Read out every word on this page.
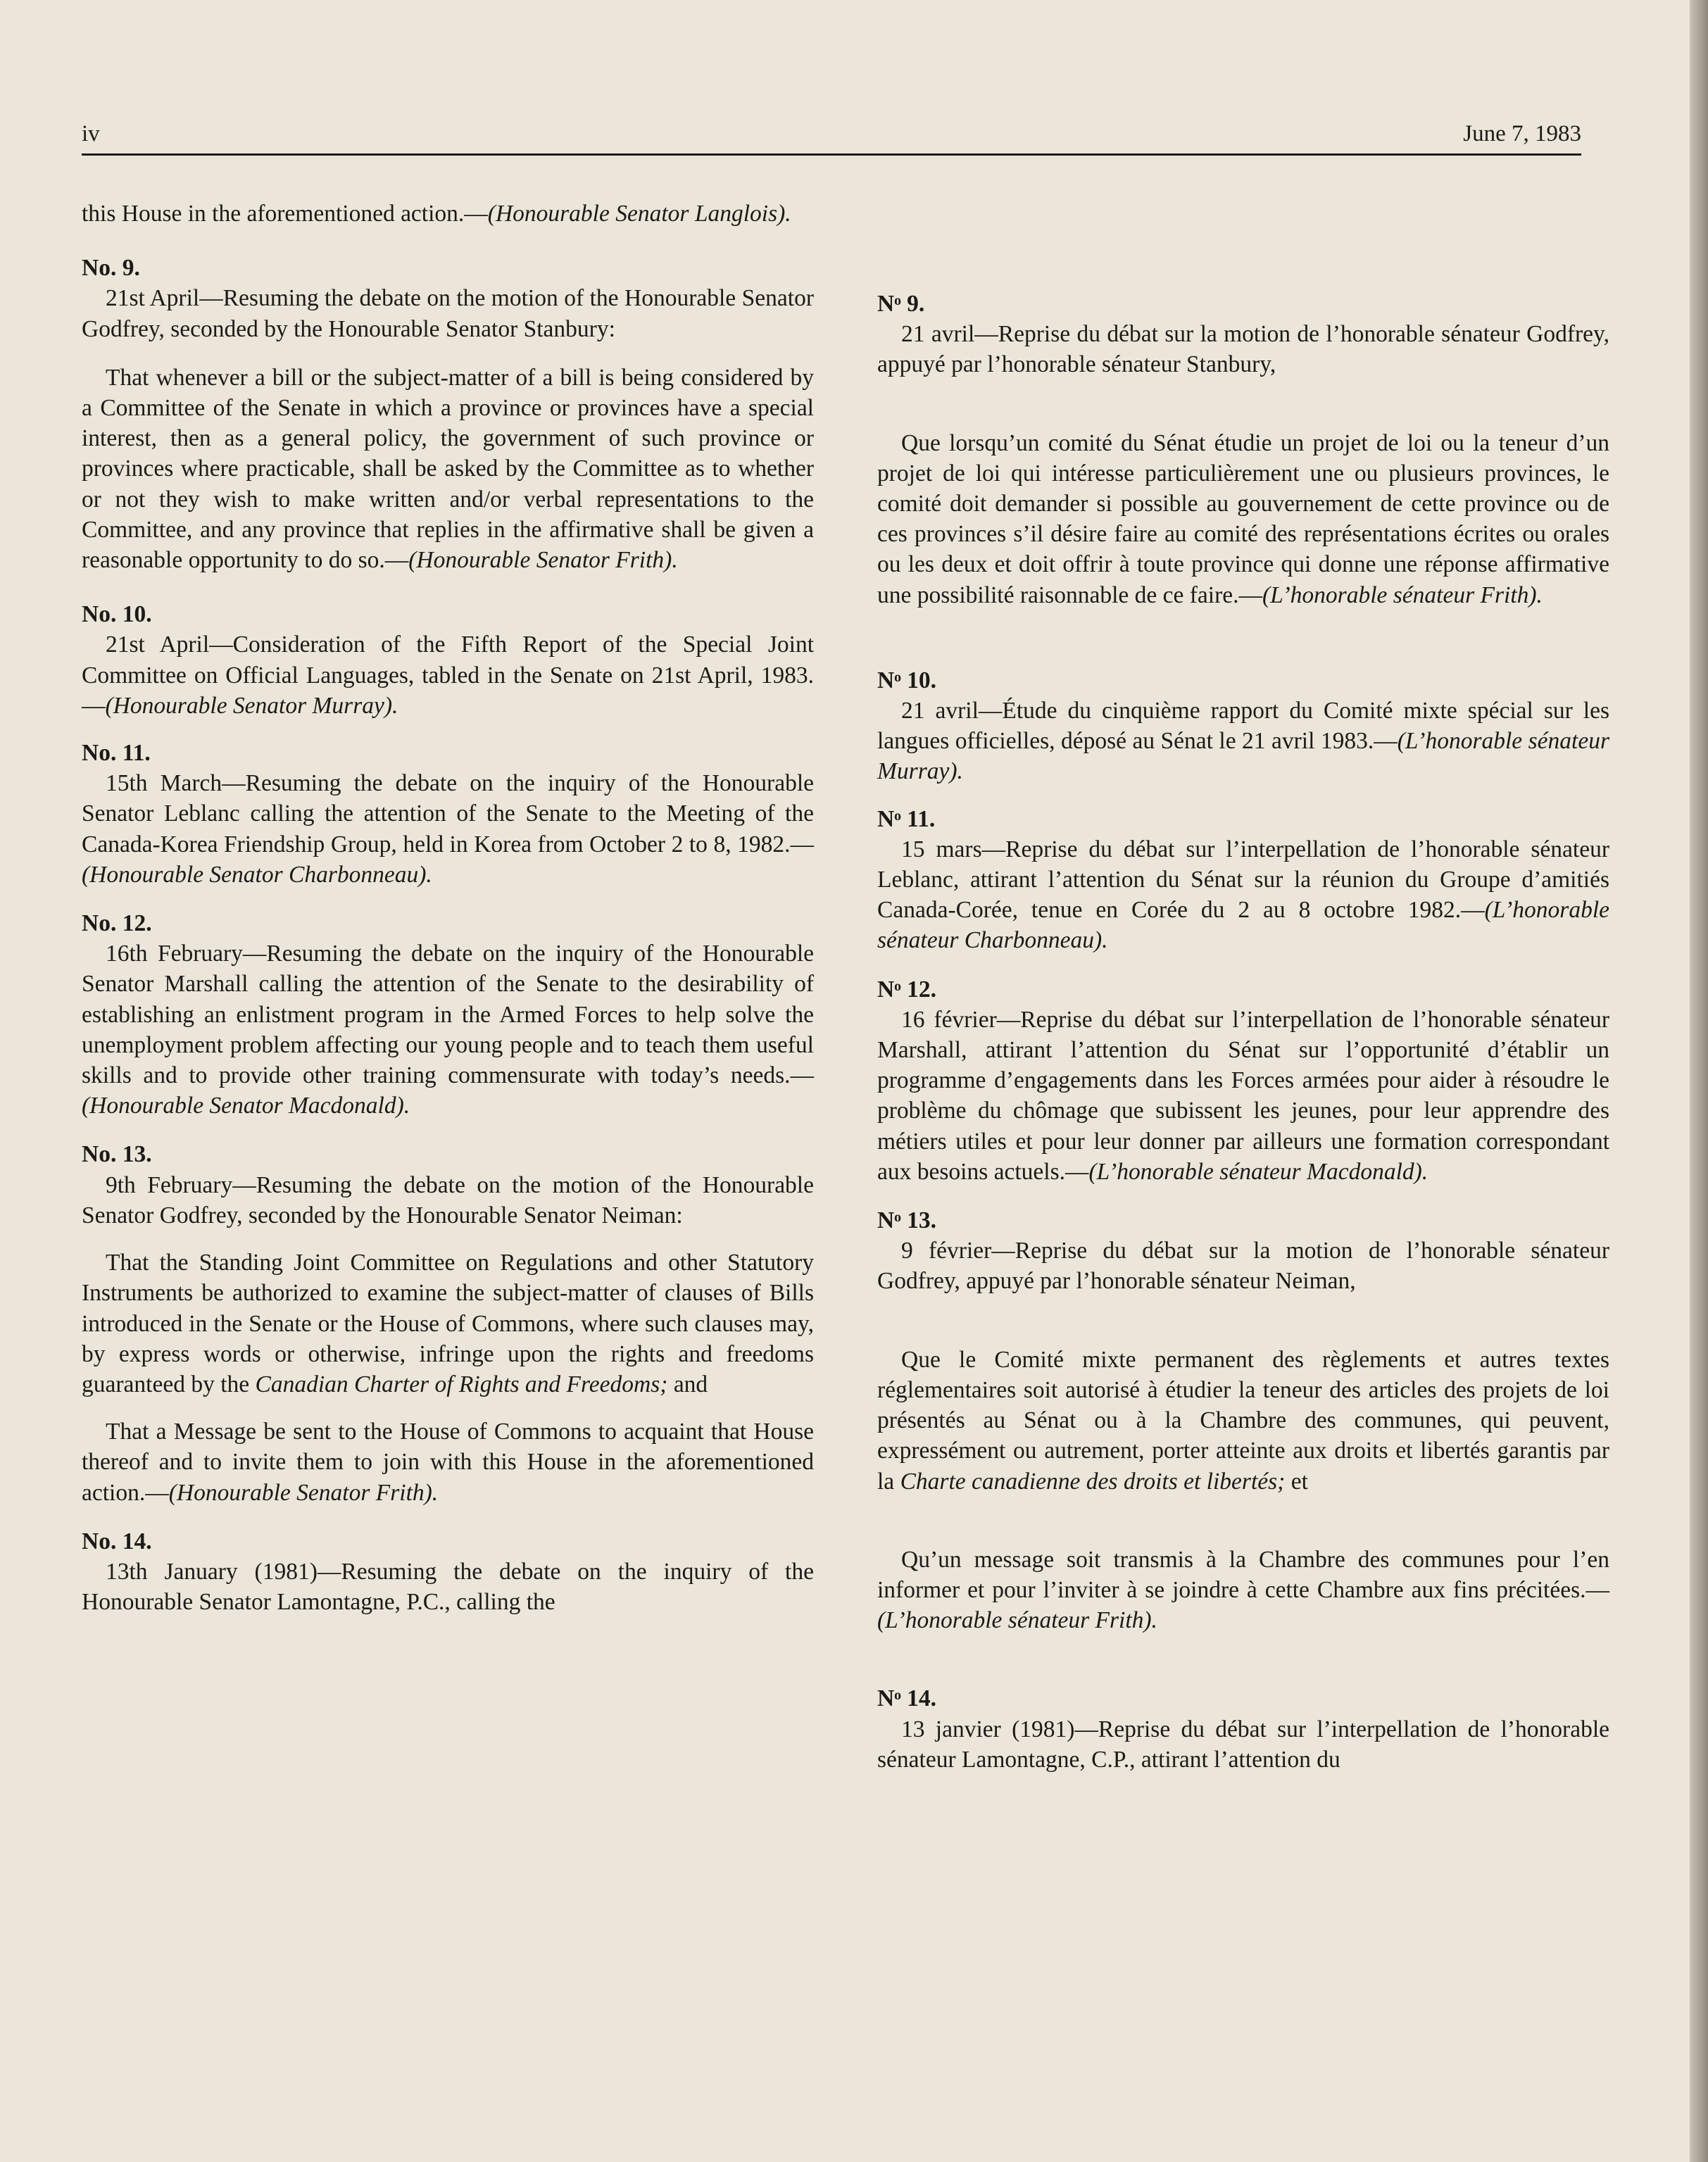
iv	June 7, 1983

this House in the aforementioned action.—(Honourable Senator Langlois).

No. 9.

21st April—Resuming the debate on the motion of the Honourable Senator Godfrey, seconded by the Honourable Senator Stanbury:

That whenever a bill or the subject-matter of a bill is being considered by a Committee of the Senate in which a province or provinces have a special interest, then as a general policy, the government of such province or provinces where practicable, shall be asked by the Committee as to whether or not they wish to make written and/or verbal representations to the Committee, and any province that replies in the affirmative shall be given a reasonable opportunity to do so.—(Honourable Senator Frith).

No. 10.

21st April—Consideration of the Fifth Report of the Special Joint Committee on Official Languages, tabled in the Senate on 21st April, 1983.—(Honourable Senator Murray).

No. 11.

15th March—Resuming the debate on the inquiry of the Honourable Senator Leblanc calling the attention of the Senate to the Meeting of the Canada-Korea Friendship Group, held in Korea from October 2 to 8, 1982.—(Honourable Senator Charbonneau).

No. 12.

16th February—Resuming the debate on the inquiry of the Honourable Senator Marshall calling the attention of the Senate to the desirability of establishing an enlistment program in the Armed Forces to help solve the unemployment problem affecting our young people and to teach them useful skills and to provide other training commensurate with today’s needs.—(Honourable Senator Macdonald).

No. 13.

9th February—Resuming the debate on the motion of the Honourable Senator Godfrey, seconded by the Honourable Senator Neiman:

That the Standing Joint Committee on Regulations and other Statutory Instruments be authorized to examine the subject-matter of clauses of Bills introduced in the Senate or the House of Commons, where such clauses may, by express words or otherwise, infringe upon the rights and freedoms guaranteed by the Canadian Charter of Rights and Freedoms; and

That a Message be sent to the House of Commons to acquaint that House thereof and to invite them to join with this House in the aforementioned action.—(Honourable Senator Frith).

No. 14.

13th January (1981)—Resuming the debate on the inquiry of the Honourable Senator Lamontagne, P.C., calling the

Nᵒ 9.

21 avril—Reprise du débat sur la motion de l’honorable sénateur Godfrey, appuyé par l’honorable sénateur Stanbury,

Que lorsqu’un comité du Sénat étudie un projet de loi ou la teneur d’un projet de loi qui intéresse particulièrement une ou plusieurs provinces, le comité doit demander si possible au gouvernement de cette province ou de ces provinces s’il désire faire au comité des représentations écrites ou orales ou les deux et doit offrir à toute province qui donne une réponse affirmative une possibilité raisonnable de ce faire.—(L’honorable sénateur Frith).

Nᵒ 10.

21 avril—Étude du cinquième rapport du Comité mixte spécial sur les langues officielles, déposé au Sénat le 21 avril 1983.—(L’honorable sénateur Murray).

Nᵒ 11.

15 mars—Reprise du débat sur l’interpellation de l’honorable sénateur Leblanc, attirant l’attention du Sénat sur la réunion du Groupe d’amitiés Canada-Corée, tenue en Corée du 2 au 8 octobre 1982.—(L’honorable sénateur Charbonneau).

Nᵒ 12.

16 février—Reprise du débat sur l’interpellation de l’honorable sénateur Marshall, attirant l’attention du Sénat sur l’opportunité d’établir un programme d’engagements dans les Forces armées pour aider à résoudre le problème du chômage que subissent les jeunes, pour leur apprendre des métiers utiles et pour leur donner par ailleurs une formation correspondant aux besoins actuels.—(L’honorable sénateur Macdonald).

Nᵒ 13.

9 février—Reprise du débat sur la motion de l’honorable sénateur Godfrey, appuyé par l’honorable sénateur Neiman,

Que le Comité mixte permanent des règlements et autres textes réglementaires soit autorisé à étudier la teneur des articles des projets de loi présentés au Sénat ou à la Chambre des communes, qui peuvent, expressément ou autrement, porter atteinte aux droits et libertés garantis par la Charte canadienne des droits et libertés; et

Qu’un message soit transmis à la Chambre des communes pour l’en informer et pour l’inviter à se joindre à cette Chambre aux fins précitées.—(L’honorable sénateur Frith).

Nᵒ 14.

13 janvier (1981)—Reprise du débat sur l’interpellation de l’honorable sénateur Lamontagne, C.P., attirant l’attention du
